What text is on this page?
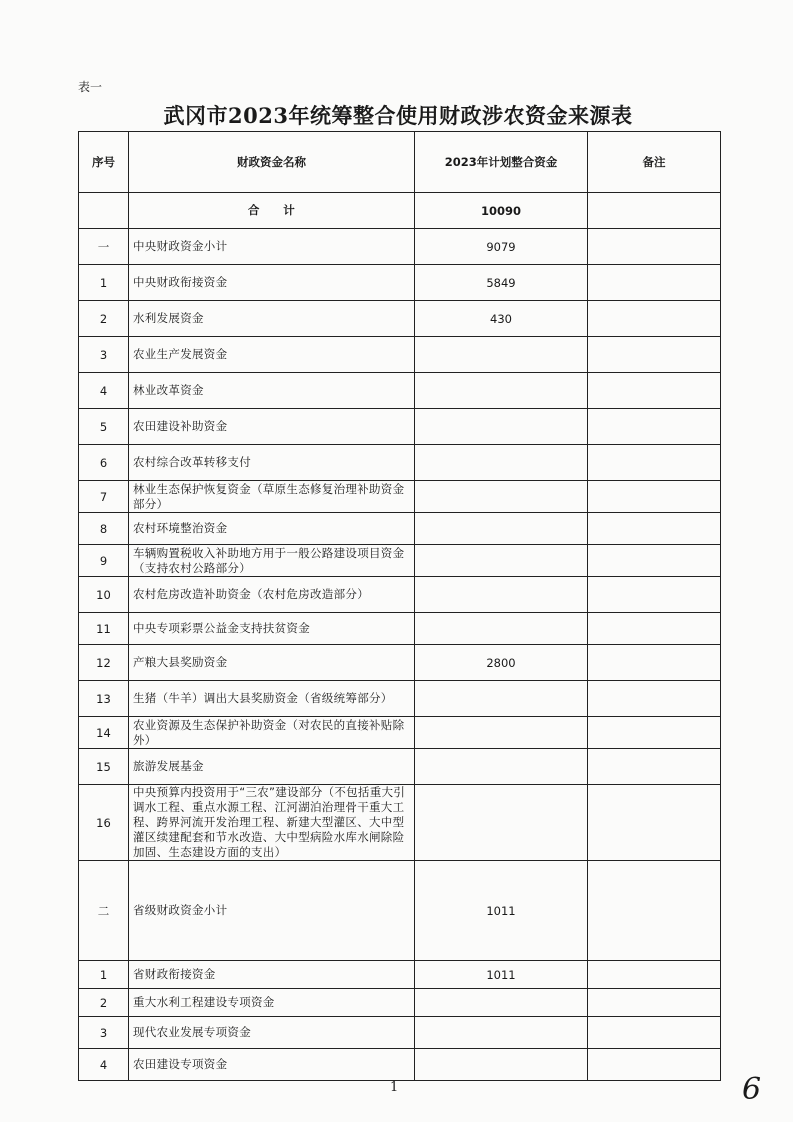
表一
武冈市2023年统筹整合使用财政涉农资金来源表
序号	财政资金名称	2023年计划整合资金	备注
	合　　计	10090	
一	中央财政资金小计	9079	
1	中央财政衔接资金	5849	
2	水利发展资金	430	
3	农业生产发展资金		
4	林业改革资金		
5	农田建设补助资金		
6	农村综合改革转移支付		
7	林业生态保护恢复资金（草原生态修复治理补助资金部分）		
8	农村环境整治资金		
9	车辆购置税收入补助地方用于一般公路建设项目资金（支持农村公路部分）		
10	农村危房改造补助资金（农村危房改造部分）		
11	中央专项彩票公益金支持扶贫资金		
12	产粮大县奖励资金	2800	
13	生猪（牛羊）调出大县奖励资金（省级统筹部分）		
14	农业资源及生态保护补助资金（对农民的直接补贴除外）		
15	旅游发展基金		
16	中央预算内投资用于“三农”建设部分（不包括重大引调水工程、重点水源工程、江河湖泊治理骨干重大工程、跨界河流开发治理工程、新建大型灌区、大中型灌区续建配套和节水改造、大中型病险水库水闸除险加固、生态建设方面的支出）		
二	省级财政资金小计	1011	
1	省财政衔接资金	1011	
2	重大水利工程建设专项资金		
3	现代农业发展专项资金		
4	农田建设专项资金		
1	6
